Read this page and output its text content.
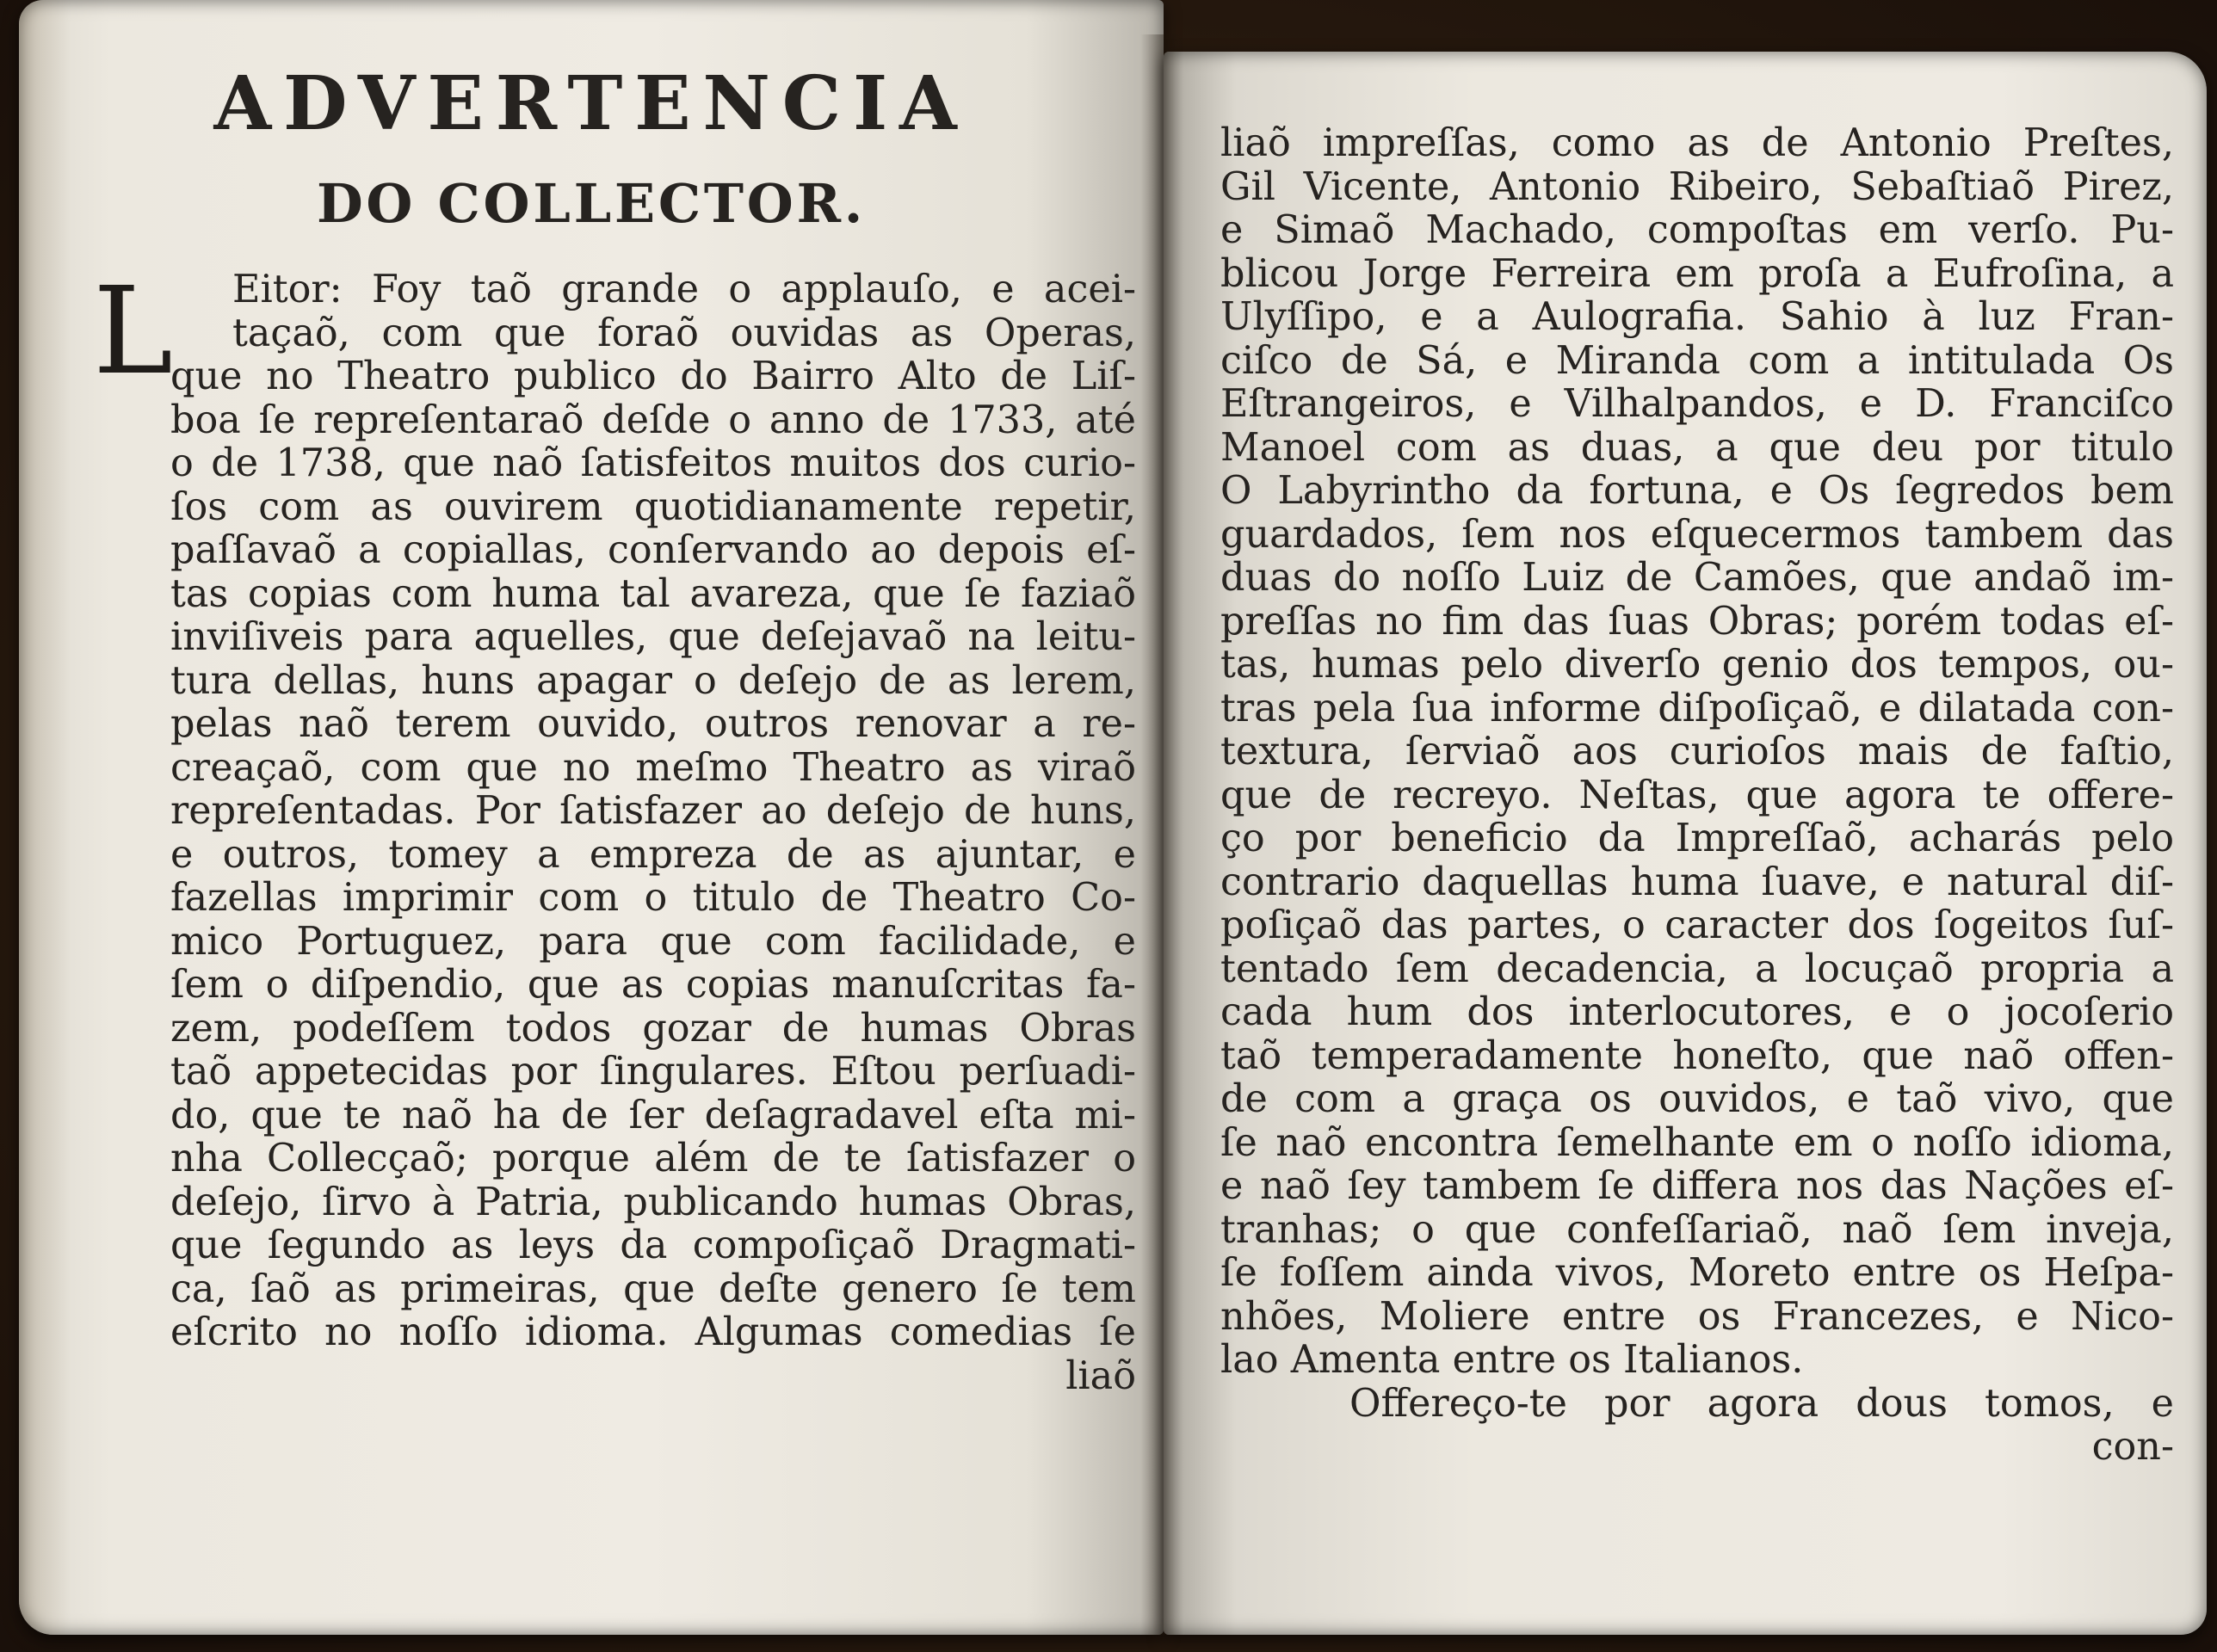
ADVERTENCIA
DO COLLECTOR.
L Eitor: Foy taõ grande o applauſo, e acei-
taçaõ, com que foraõ ouvidas as Operas,
que no Theatro publico do Bairro Alto de Liſ-
boa ſe repreſentaraõ deſde o anno de 1733, até
o de 1738, que naõ ſatisfeitos muitos dos curio-
ſos com as ouvirem quotidianamente repetir,
paſſavaõ a copiallas, conſervando ao depois eſ-
tas copias com huma tal avareza, que ſe faziaõ
inviſiveis para aquelles, que deſejavaõ na leitu-
tura dellas, huns apagar o deſejo de as lerem,
pelas naõ terem ouvido, outros renovar a re-
creaçaõ, com que no meſmo Theatro as viraõ
repreſentadas. Por ſatisfazer ao deſejo de huns,
e outros, tomey a empreza de as ajuntar, e
fazellas imprimir com o titulo de Theatro Co-
mico Portuguez, para que com facilidade, e
ſem o diſpendio, que as copias manuſcritas fa-
zem, podeſſem todos gozar de humas Obras
taõ appetecidas por ſingulares. Eſtou perſuadi-
do, que te naõ ha de ſer deſagradavel eſta mi-
nha Collecçaõ; porque além de te ſatisfazer o
deſejo, ſirvo à Patria, publicando humas Obras,
que ſegundo as leys da compoſiçaõ Dragmati-
ca, ſaõ as primeiras, que deſte genero ſe tem
eſcrito no noſſo idioma. Algumas comedias ſe
liaõ
liaõ impreſſas, como as de Antonio Preſtes,
Gil Vicente, Antonio Ribeiro, Sebaſtiaõ Pirez,
e Simaõ Machado, compoſtas em verſo. Pu-
blicou Jorge Ferreira em proſa a Eufroſina, a
Ulyſſipo, e a Aulografia. Sahio à luz Fran-
ciſco de Sá, e Miranda com a intitulada Os
Eſtrangeiros, e Vilhalpandos, e D. Franciſco
Manoel com as duas, a que deu por titulo
O Labyrintho da fortuna, e Os ſegredos bem
guardados, ſem nos eſquecermos tambem das
duas do noſſo Luiz de Camões, que andaõ im-
preſſas no fim das ſuas Obras; porém todas eſ-
tas, humas pelo diverſo genio dos tempos, ou-
tras pela ſua informe diſpoſiçaõ, e dilatada con-
textura, ſerviaõ aos curioſos mais de faſtio,
que de recreyo. Neſtas, que agora te offere-
ço por beneficio da Impreſſaõ, acharás pelo
contrario daquellas huma ſuave, e natural diſ-
poſiçaõ das partes, o caracter dos ſogeitos ſuſ-
tentado ſem decadencia, a locuçaõ propria a
cada hum dos interlocutores, e o jocoſerio
taõ temperadamente honeſto, que naõ offen-
de com a graça os ouvidos, e taõ vivo, que
ſe naõ encontra ſemelhante em o noſſo idioma,
e naõ ſey tambem ſe differa nos das Nações eſ-
tranhas; o que confeſſariaõ, naõ ſem inveja,
ſe foſſem ainda vivos, Moreto entre os Heſpa-
nhões, Moliere entre os Francezes, e Nico-
lao Amenta entre os Italianos.
Offereço-te por agora dous tomos, e
con-
